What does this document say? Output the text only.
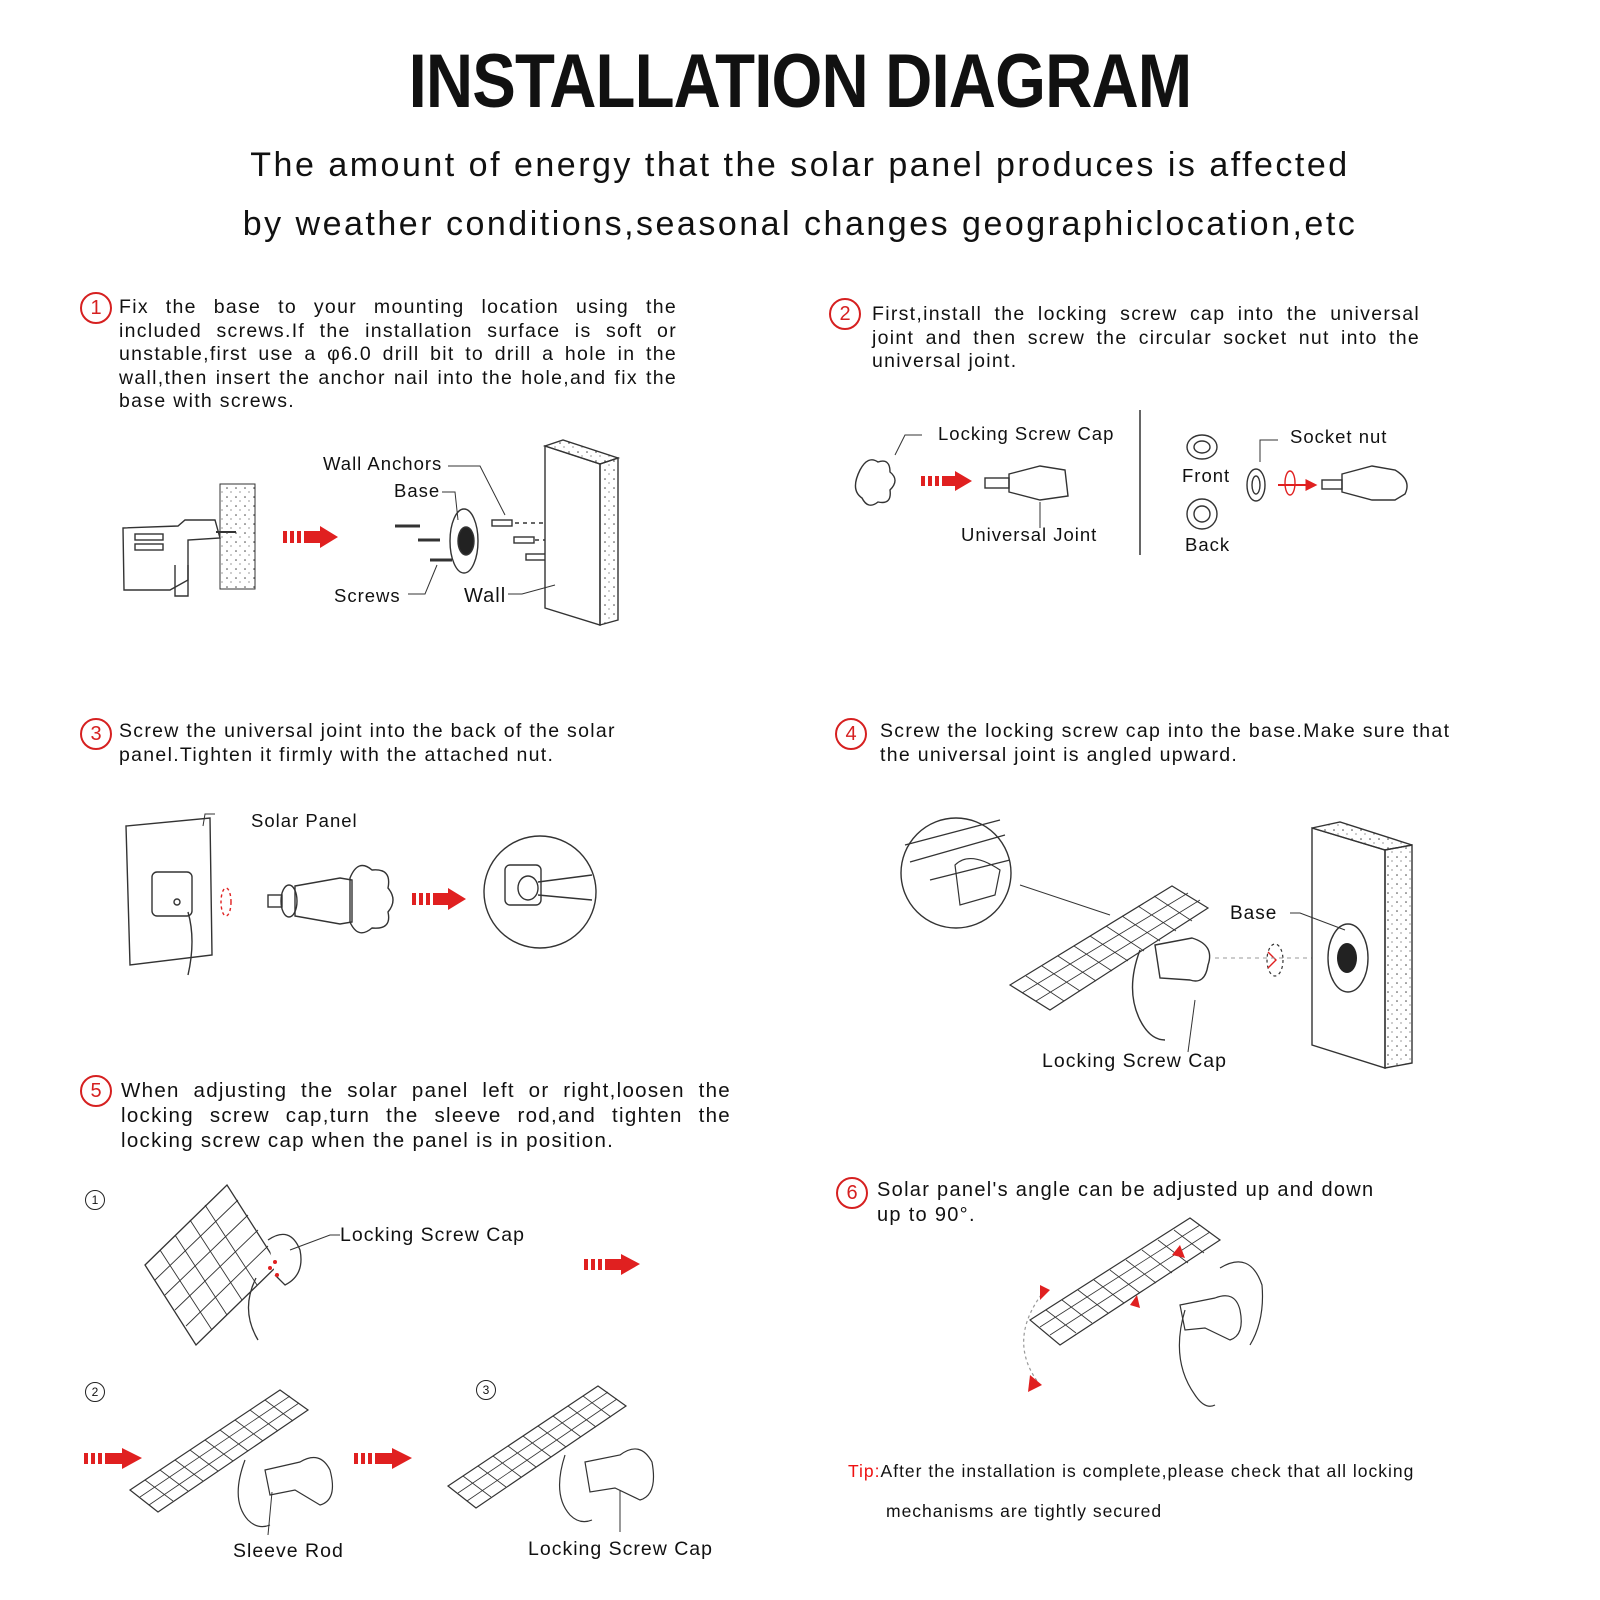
INSTALLATION DIAGRAM
The amount of energy that the solar panel produces is affected
by weather conditions,seasonal changes geographiclocation,etc
1 Fix the base to your mounting location using the included screws.If the installation surface is soft or unstable,first use a φ6.0 drill bit to drill a hole in the wall,then insert the anchor nail into the hole,and fix the base with screws.
2	First,install the locking screw cap into the universal joint and then screw the circular socket nut into the universal joint.
3 Screw the universal joint into the back of the solar panel.Tighten it firmly with the attached nut.
4	Screw the locking screw cap into the base.Make sure that the universal joint is angled upward.
5 When adjusting the solar panel left or right,loosen the locking screw cap,turn the sleeve rod,and tighten the locking screw cap when the panel is in position.
6 Solar panel's angle can be adjusted up and down up to 90°.
Wall Anchors
Base
Screws	Wall
Locking Screw Cap
Universal Joint
Front
Back
Socket nut
Solar Panel
Base
Locking Screw Cap
1
Locking Screw Cap
2	3
Sleeve Rod	Locking Screw Cap
Tip:After the installation is complete,please check that all locking
mechanisms are tightly secured
